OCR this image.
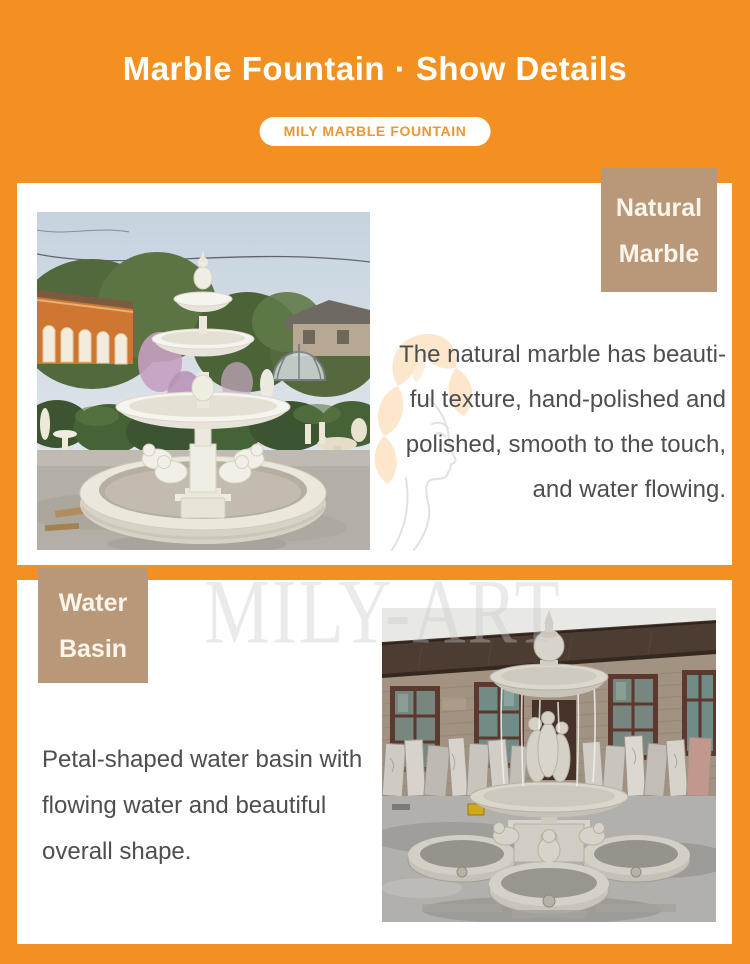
Marble Fountain · Show Details
MILY MARBLE FOUNTAIN
MILY-ART
Natural
Marble
Water
Basin
The natural marble has beauti-
ful texture, hand-polished and
polished, smooth to the touch,
and water flowing.
Petal-shaped water basin with
flowing water and beautiful
overall shape.
